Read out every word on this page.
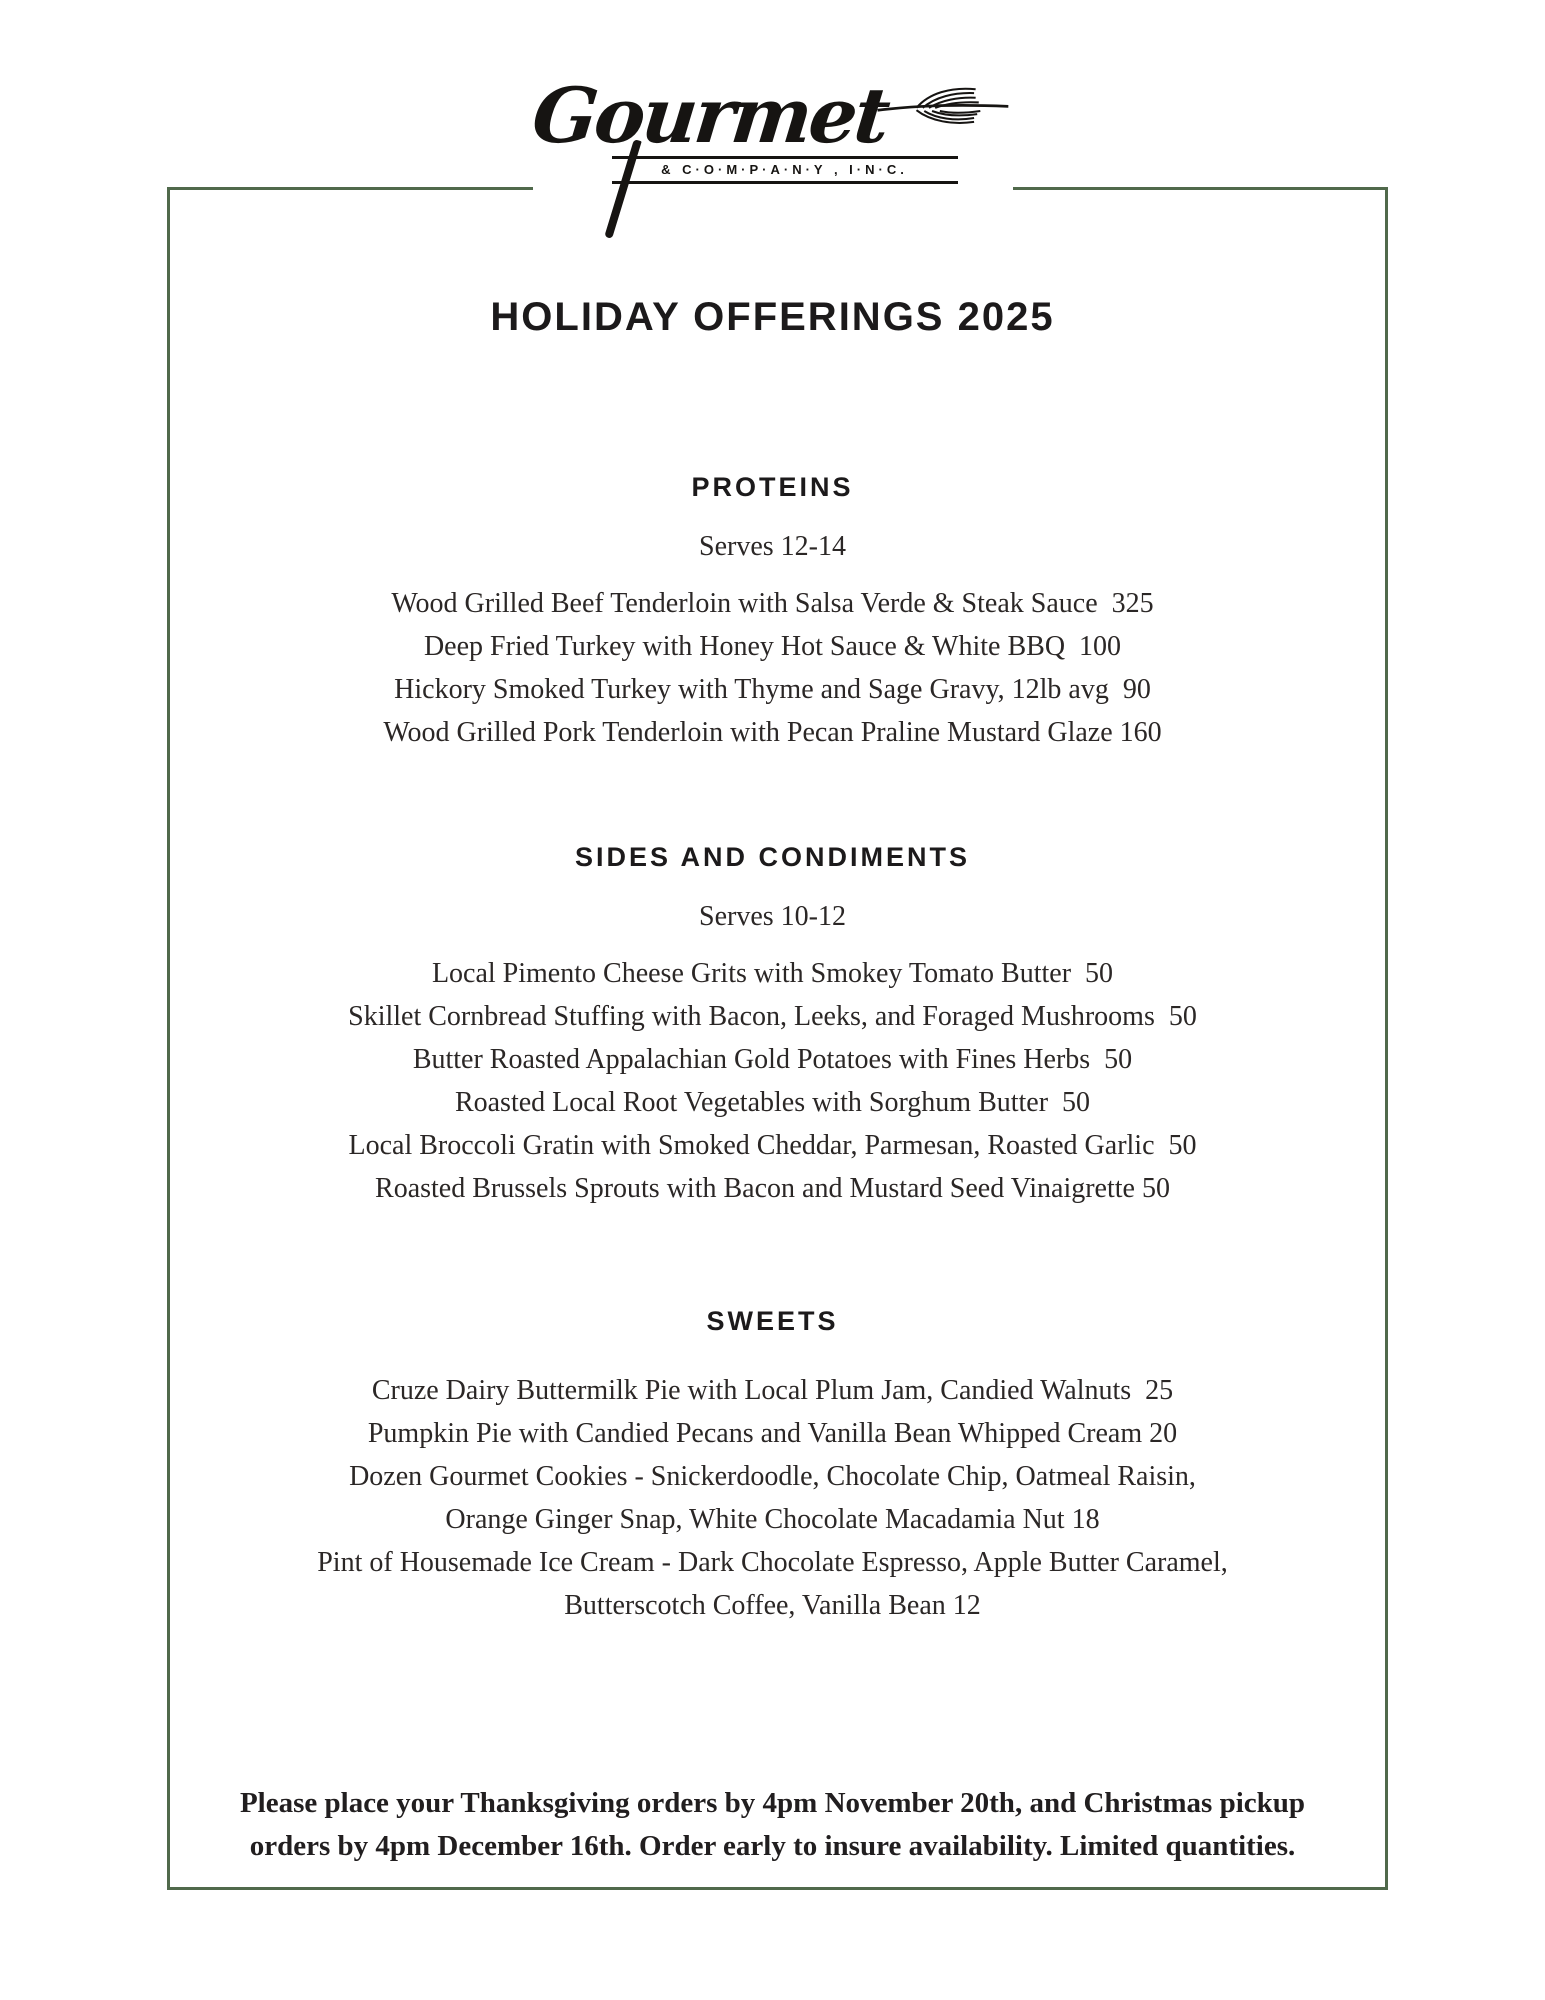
Gourmet
& C·O·M·P·A·N·Y , I·N·C.
HOLIDAY OFFERINGS 2025
PROTEINS

Serves 12-14

Wood Grilled Beef Tenderloin with Salsa Verde & Steak Sauce  325

Deep Fried Turkey with Honey Hot Sauce & White BBQ  100

Hickory Smoked Turkey with Thyme and Sage Gravy, 12lb avg  90

Wood Grilled Pork Tenderloin with Pecan Praline Mustard Glaze 160

SIDES AND CONDIMENTS

Serves 10-12

Local Pimento Cheese Grits with Smokey Tomato Butter  50

Skillet Cornbread Stuffing with Bacon, Leeks, and Foraged Mushrooms  50

Butter Roasted Appalachian Gold Potatoes with Fines Herbs  50

Roasted Local Root Vegetables with Sorghum Butter  50

Local Broccoli Gratin with Smoked Cheddar, Parmesan, Roasted Garlic  50

Roasted Brussels Sprouts with Bacon and Mustard Seed Vinaigrette 50

SWEETS

Cruze Dairy Buttermilk Pie with Local Plum Jam, Candied Walnuts  25

Pumpkin Pie with Candied Pecans and Vanilla Bean Whipped Cream 20

Dozen Gourmet Cookies - Snickerdoodle, Chocolate Chip, Oatmeal Raisin,

Orange Ginger Snap, White Chocolate Macadamia Nut 18

Pint of Housemade Ice Cream - Dark Chocolate Espresso, Apple Butter Caramel,

Butterscotch Coffee, Vanilla Bean 12

Please place your Thanksgiving orders by 4pm November 20th, and Christmas pickup

orders by 4pm December 16th. Order early to insure availability. Limited quantities.
